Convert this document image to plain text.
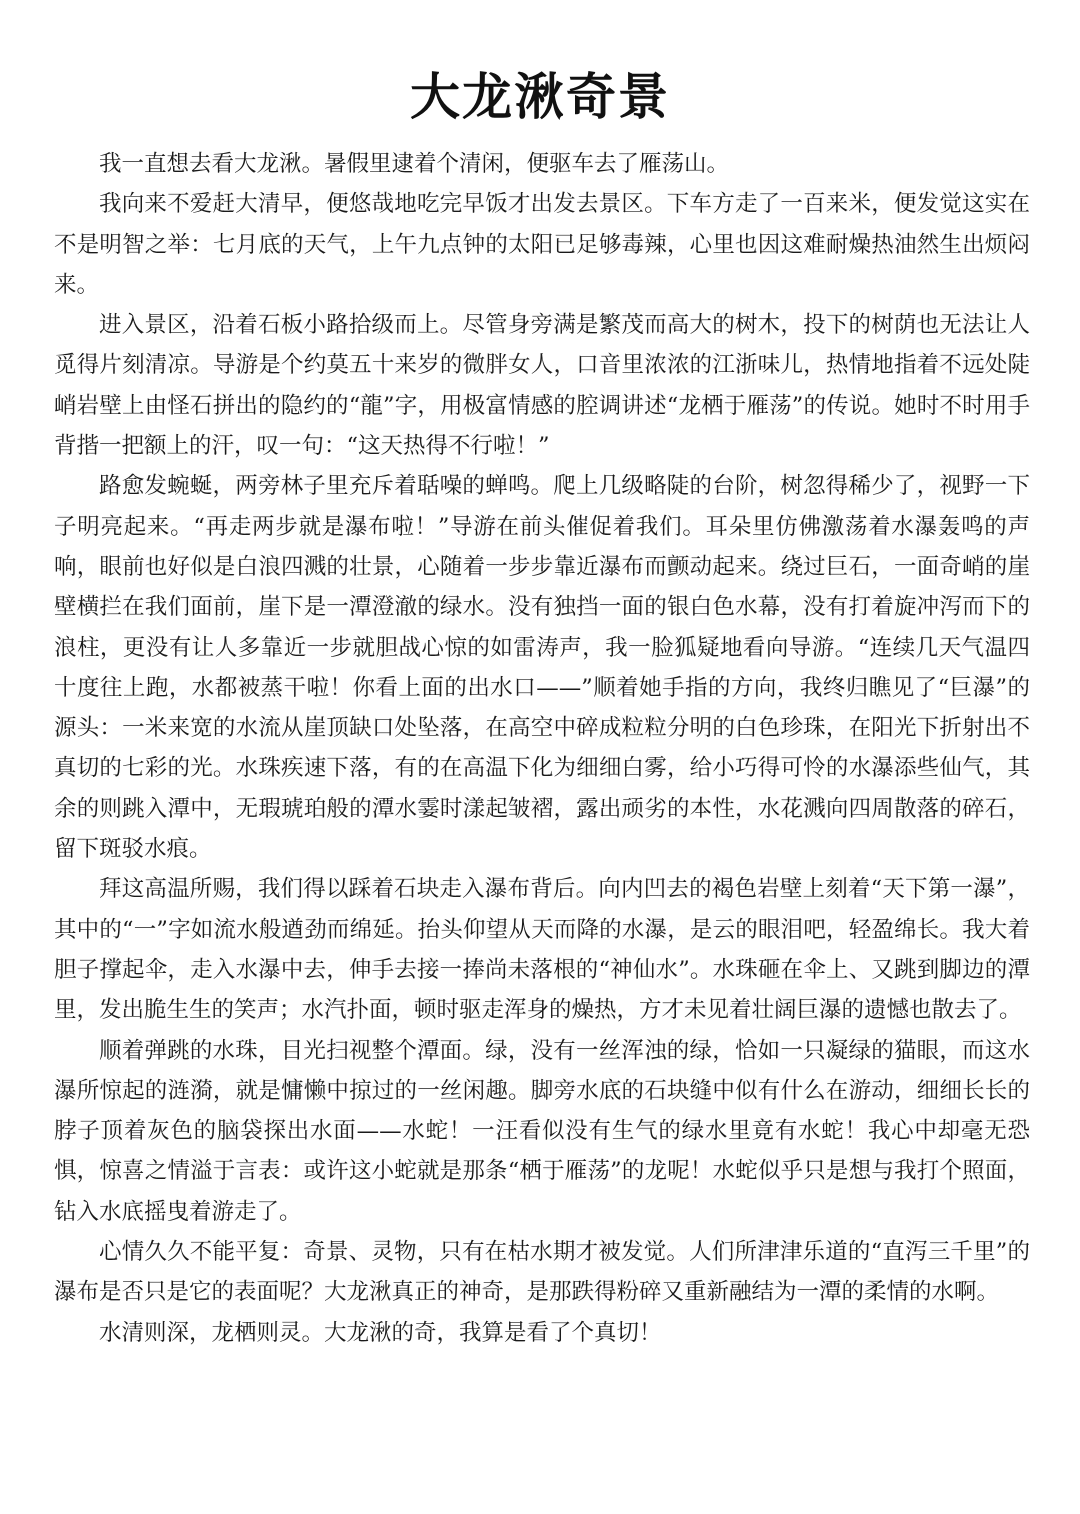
大龙湫奇景

我一直想去看大龙湫。暑假里逮着个清闲，便驱车去了雁荡山。

我向来不爱赶大清早，便悠哉地吃完早饭才出发去景区。下车方走了一百来米，便发觉这实在不是明智之举：七月底的天气，上午九点钟的太阳已足够毒辣，心里也因这难耐燥热油然生出烦闷来。

进入景区，沿着石板小路拾级而上。尽管身旁满是繁茂而高大的树木，投下的树荫也无法让人觅得片刻清凉。导游是个约莫五十来岁的微胖女人，口音里浓浓的江浙味儿，热情地指着不远处陡峭岩壁上由怪石拼出的隐约的“龍”字，用极富情感的腔调讲述“龙栖于雁荡”的传说。她时不时用手背揩一把额上的汗，叹一句：“这天热得不行啦！”

路愈发蜿蜒，两旁林子里充斥着聒噪的蝉鸣。爬上几级略陡的台阶，树忽得稀少了，视野一下子明亮起来。“再走两步就是瀑布啦！”导游在前头催促着我们。耳朵里仿佛激荡着水瀑轰鸣的声响，眼前也好似是白浪四溅的壮景，心随着一步步靠近瀑布而颤动起来。绕过巨石，一面奇峭的崖壁横拦在我们面前，崖下是一潭澄澈的绿水。没有独挡一面的银白色水幕，没有打着旋冲泻而下的浪柱，更没有让人多靠近一步就胆战心惊的如雷涛声，我一脸狐疑地看向导游。“连续几天气温四十度往上跑，水都被蒸干啦！你看上面的出水口——”顺着她手指的方向，我终归瞧见了“巨瀑”的源头：一米来宽的水流从崖顶缺口处坠落，在高空中碎成粒粒分明的白色珍珠，在阳光下折射出不真切的七彩的光。水珠疾速下落，有的在高温下化为细细白雾，给小巧得可怜的水瀑添些仙气，其余的则跳入潭中，无瑕琥珀般的潭水霎时漾起皱褶，露出顽劣的本性，水花溅向四周散落的碎石，留下斑驳水痕。

拜这高温所赐，我们得以踩着石块走入瀑布背后。向内凹去的褐色岩壁上刻着“天下第一瀑”，其中的“一”字如流水般遒劲而绵延。抬头仰望从天而降的水瀑，是云的眼泪吧，轻盈绵长。我大着胆子撑起伞，走入水瀑中去，伸手去接一捧尚未落根的“神仙水”。水珠砸在伞上、又跳到脚边的潭里，发出脆生生的笑声；水汽扑面，顿时驱走浑身的燥热，方才未见着壮阔巨瀑的遗憾也散去了。

顺着弹跳的水珠，目光扫视整个潭面。绿，没有一丝浑浊的绿，恰如一只凝绿的猫眼，而这水瀑所惊起的涟漪，就是慵懒中掠过的一丝闲趣。脚旁水底的石块缝中似有什么在游动，细细长长的脖子顶着灰色的脑袋探出水面——水蛇！一汪看似没有生气的绿水里竟有水蛇！我心中却毫无恐惧，惊喜之情溢于言表：或许这小蛇就是那条“栖于雁荡”的龙呢！水蛇似乎只是想与我打个照面，钻入水底摇曳着游走了。

心情久久不能平复：奇景、灵物，只有在枯水期才被发觉。人们所津津乐道的“直泻三千里”的瀑布是否只是它的表面呢？大龙湫真正的神奇，是那跌得粉碎又重新融结为一潭的柔情的水啊。

水清则深，龙栖则灵。大龙湫的奇，我算是看了个真切！
